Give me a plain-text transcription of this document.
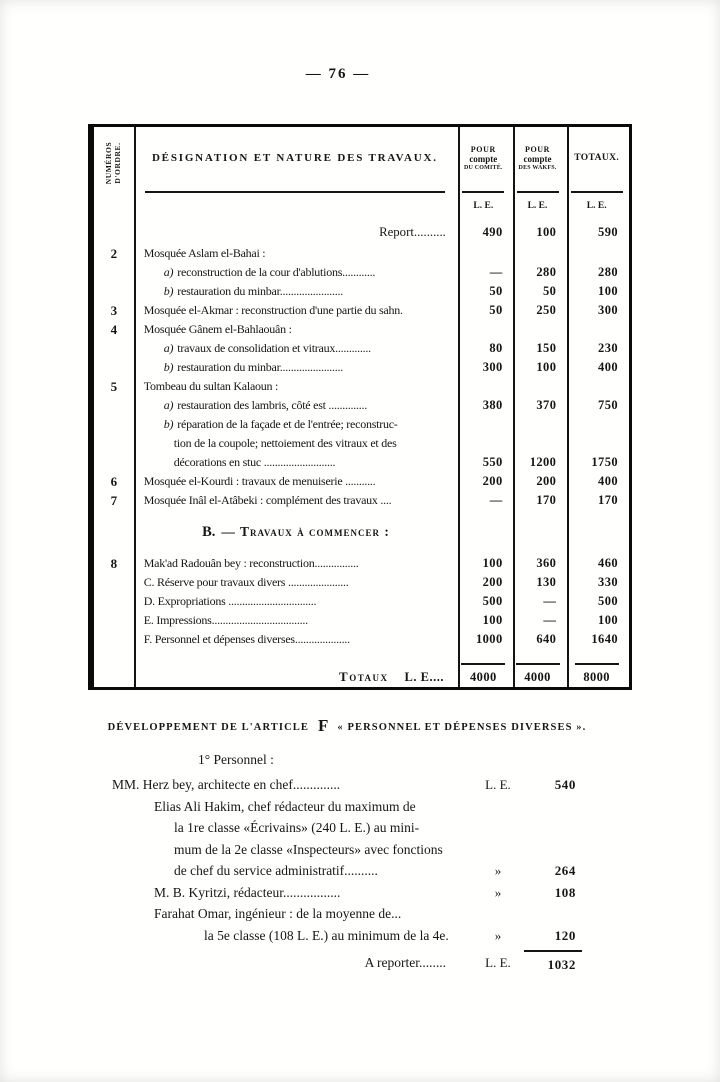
— 76 —
NUMÉROS D'ORDRE.	DÉSIGNATION ET NATURE DES TRAVAUX.
POUR
compte
DU COMITÉ.
POUR
compte
DES WAKFS.
TOTAUX.
L. E.	L. E.	L. E.
Report..........	490	100	590
2	Mosquée Aslam el-Bahai :
a) reconstruction de la cour d'ablutions............	—	280	280
b) restauration du minbar.......................	50	50	100
3	Mosquée el-Akmar : reconstruction d'une partie du sahn.	50	250	300
4	Mosquée Gânem el-Bahlaouân :
a) travaux de consolidation et vitraux.............	80	150	230
b) restauration du minbar.......................	300	100	400
5	Tombeau du sultan Kalaoun :
a) restauration des lambris, côté est ..............	380	370	750
b) réparation de la façade et de l'entrée; reconstruc-
tion de la coupole; nettoiement des vitraux et des
décorations en stuc ..........................	550	1200	1750
6	Mosquée el-Kourdi : travaux de menuiserie ...........	200	200	400
7	Mosquée Inâl el-Atâbeki : complément des travaux ....	—	170	170
B. — Travaux à commencer :
8	Mak'ad Radouân bey : reconstruction................	100	360	460
C. Réserve pour travaux divers ......................	200	130	330
D. Expropriations ................................	500	—	500
E. Impressions...................................	100	—	100
F. Personnel et dépenses diverses....................	1000	640	1640
Totaux L. E....	4000	4000	8000
DÉVELOPPEMENT DE L'ARTICLE F « PERSONNEL ET DÉPENSES DIVERSES ».
1° Personnel :
MM. Herz bey, architecte en chef..............	L. E.	540
Elias Ali Hakim, chef rédacteur du maximum de
la 1re classe «Écrivains» (240 L. E.) au mini-
mum de la 2e classe «Inspecteurs» avec fonctions
de chef du service administratif..........	»	264
M. B. Kyritzi, rédacteur.................	»	108
Farahat Omar, ingénieur : de la moyenne de...
la 5e classe (108 L. E.) au minimum de la 4e.	»	120
A reporter........	L. E.	1032
